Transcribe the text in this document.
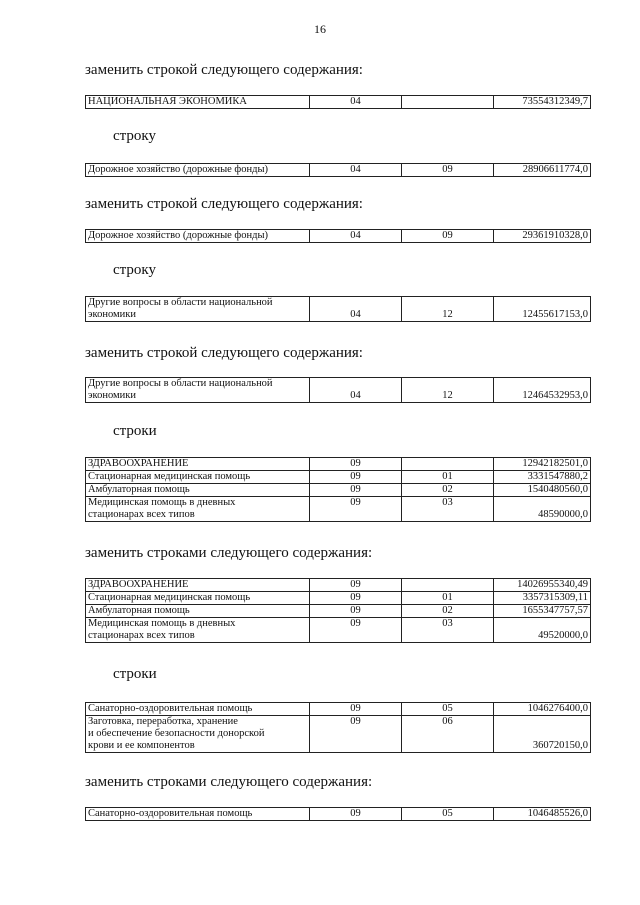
16
заменить строкой следующего содержания:
НАЦИОНАЛЬНАЯ ЭКОНОМИКА	04		73554312349,7
строку
Дорожное хозяйство (дорожные фонды)	04	09	28906611774,0
заменить строкой следующего содержания:
Дорожное хозяйство (дорожные фонды)	04	09	29361910328,0
строку
Другие вопросы в области национальной
экономики	04	12	12455617153,0
заменить строкой следующего содержания:
Другие вопросы в области национальной
экономики	04	12	12464532953,0
строки
ЗДРАВООХРАНЕНИЕ	09		12942182501,0
Стационарная медицинская помощь	09	01	3331547880,2
Амбулаторная помощь	09	02	1540480560,0
Медицинская помощь в дневных
стационарах всех типов	09	03	48590000,0
заменить строками следующего содержания:
ЗДРАВООХРАНЕНИЕ	09		14026955340,49
Стационарная медицинская помощь	09	01	3357315309,11
Амбулаторная помощь	09	02	1655347757,57
Медицинская помощь в дневных
стационарах всех типов	09	03	49520000,0
строки
Санаторно-оздоровительная помощь	09	05	1046276400,0
Заготовка, переработка, хранение
и обеспечение безопасности донорской
крови и ее компонентов	09	06	360720150,0
заменить строками следующего содержания:
Санаторно-оздоровительная помощь	09	05	1046485526,0
